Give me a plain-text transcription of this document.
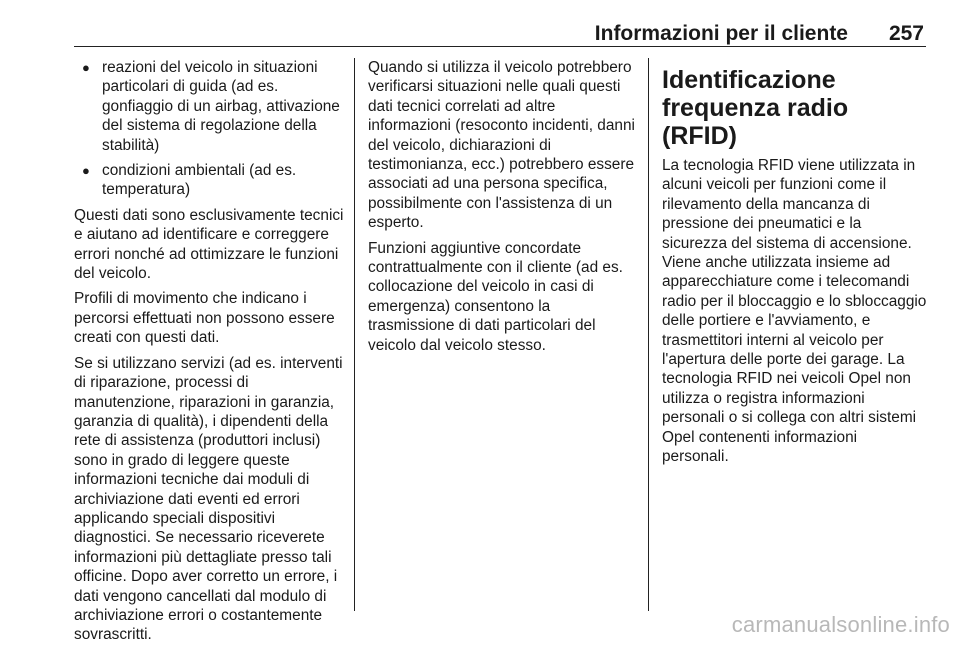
Informazioni per il cliente 257
● reazioni del veicolo in situazioni particolari di guida (ad es. gonfiaggio di un airbag, attivazione del sistema di regolazione della stabilità)
● condizioni ambientali (ad es. temperatura)

Questi dati sono esclusivamente tecnici e aiutano ad identificare e correggere errori nonché ad ottimizzare le funzioni del veicolo.

Profili di movimento che indicano i percorsi effettuati non possono essere creati con questi dati.

Se si utilizzano servizi (ad es. interventi di riparazione, processi di manutenzione, riparazioni in garanzia, garanzia di qualità), i dipendenti della rete di assistenza (produttori inclusi) sono in grado di leggere queste informazioni tecniche dai moduli di archiviazione dati eventi ed errori applicando speciali dispositivi diagnostici. Se necessario riceverete informazioni più dettagliate presso tali officine. Dopo aver corretto un errore, i dati vengono cancellati dal modulo di archiviazione errori o costantemente sovrascritti.

Quando si utilizza il veicolo potrebbero verificarsi situazioni nelle quali questi dati tecnici correlati ad altre informazioni (resoconto incidenti, danni del veicolo, dichiarazioni di testimonianza, ecc.) potrebbero essere associati ad una persona specifica, possibilmente con l'assistenza di un esperto.

Funzioni aggiuntive concordate contrattualmente con il cliente (ad es. collocazione del veicolo in casi di emergenza) consentono la trasmissione di dati particolari del veicolo dal veicolo stesso.

Identificazione frequenza radio (RFID)

La tecnologia RFID viene utilizzata in alcuni veicoli per funzioni come il rilevamento della mancanza di pressione dei pneumatici e la sicurezza del sistema di accensione. Viene anche utilizzata insieme ad apparecchiature come i telecomandi radio per il bloccaggio e lo sbloccaggio delle portiere e l'avviamento, e trasmettitori interni al veicolo per l'apertura delle porte dei garage. La tecnologia RFID nei veicoli Opel non utilizza o registra informazioni personali o si collega con altri sistemi Opel contenenti informazioni personali.

carmanualsonline.info
